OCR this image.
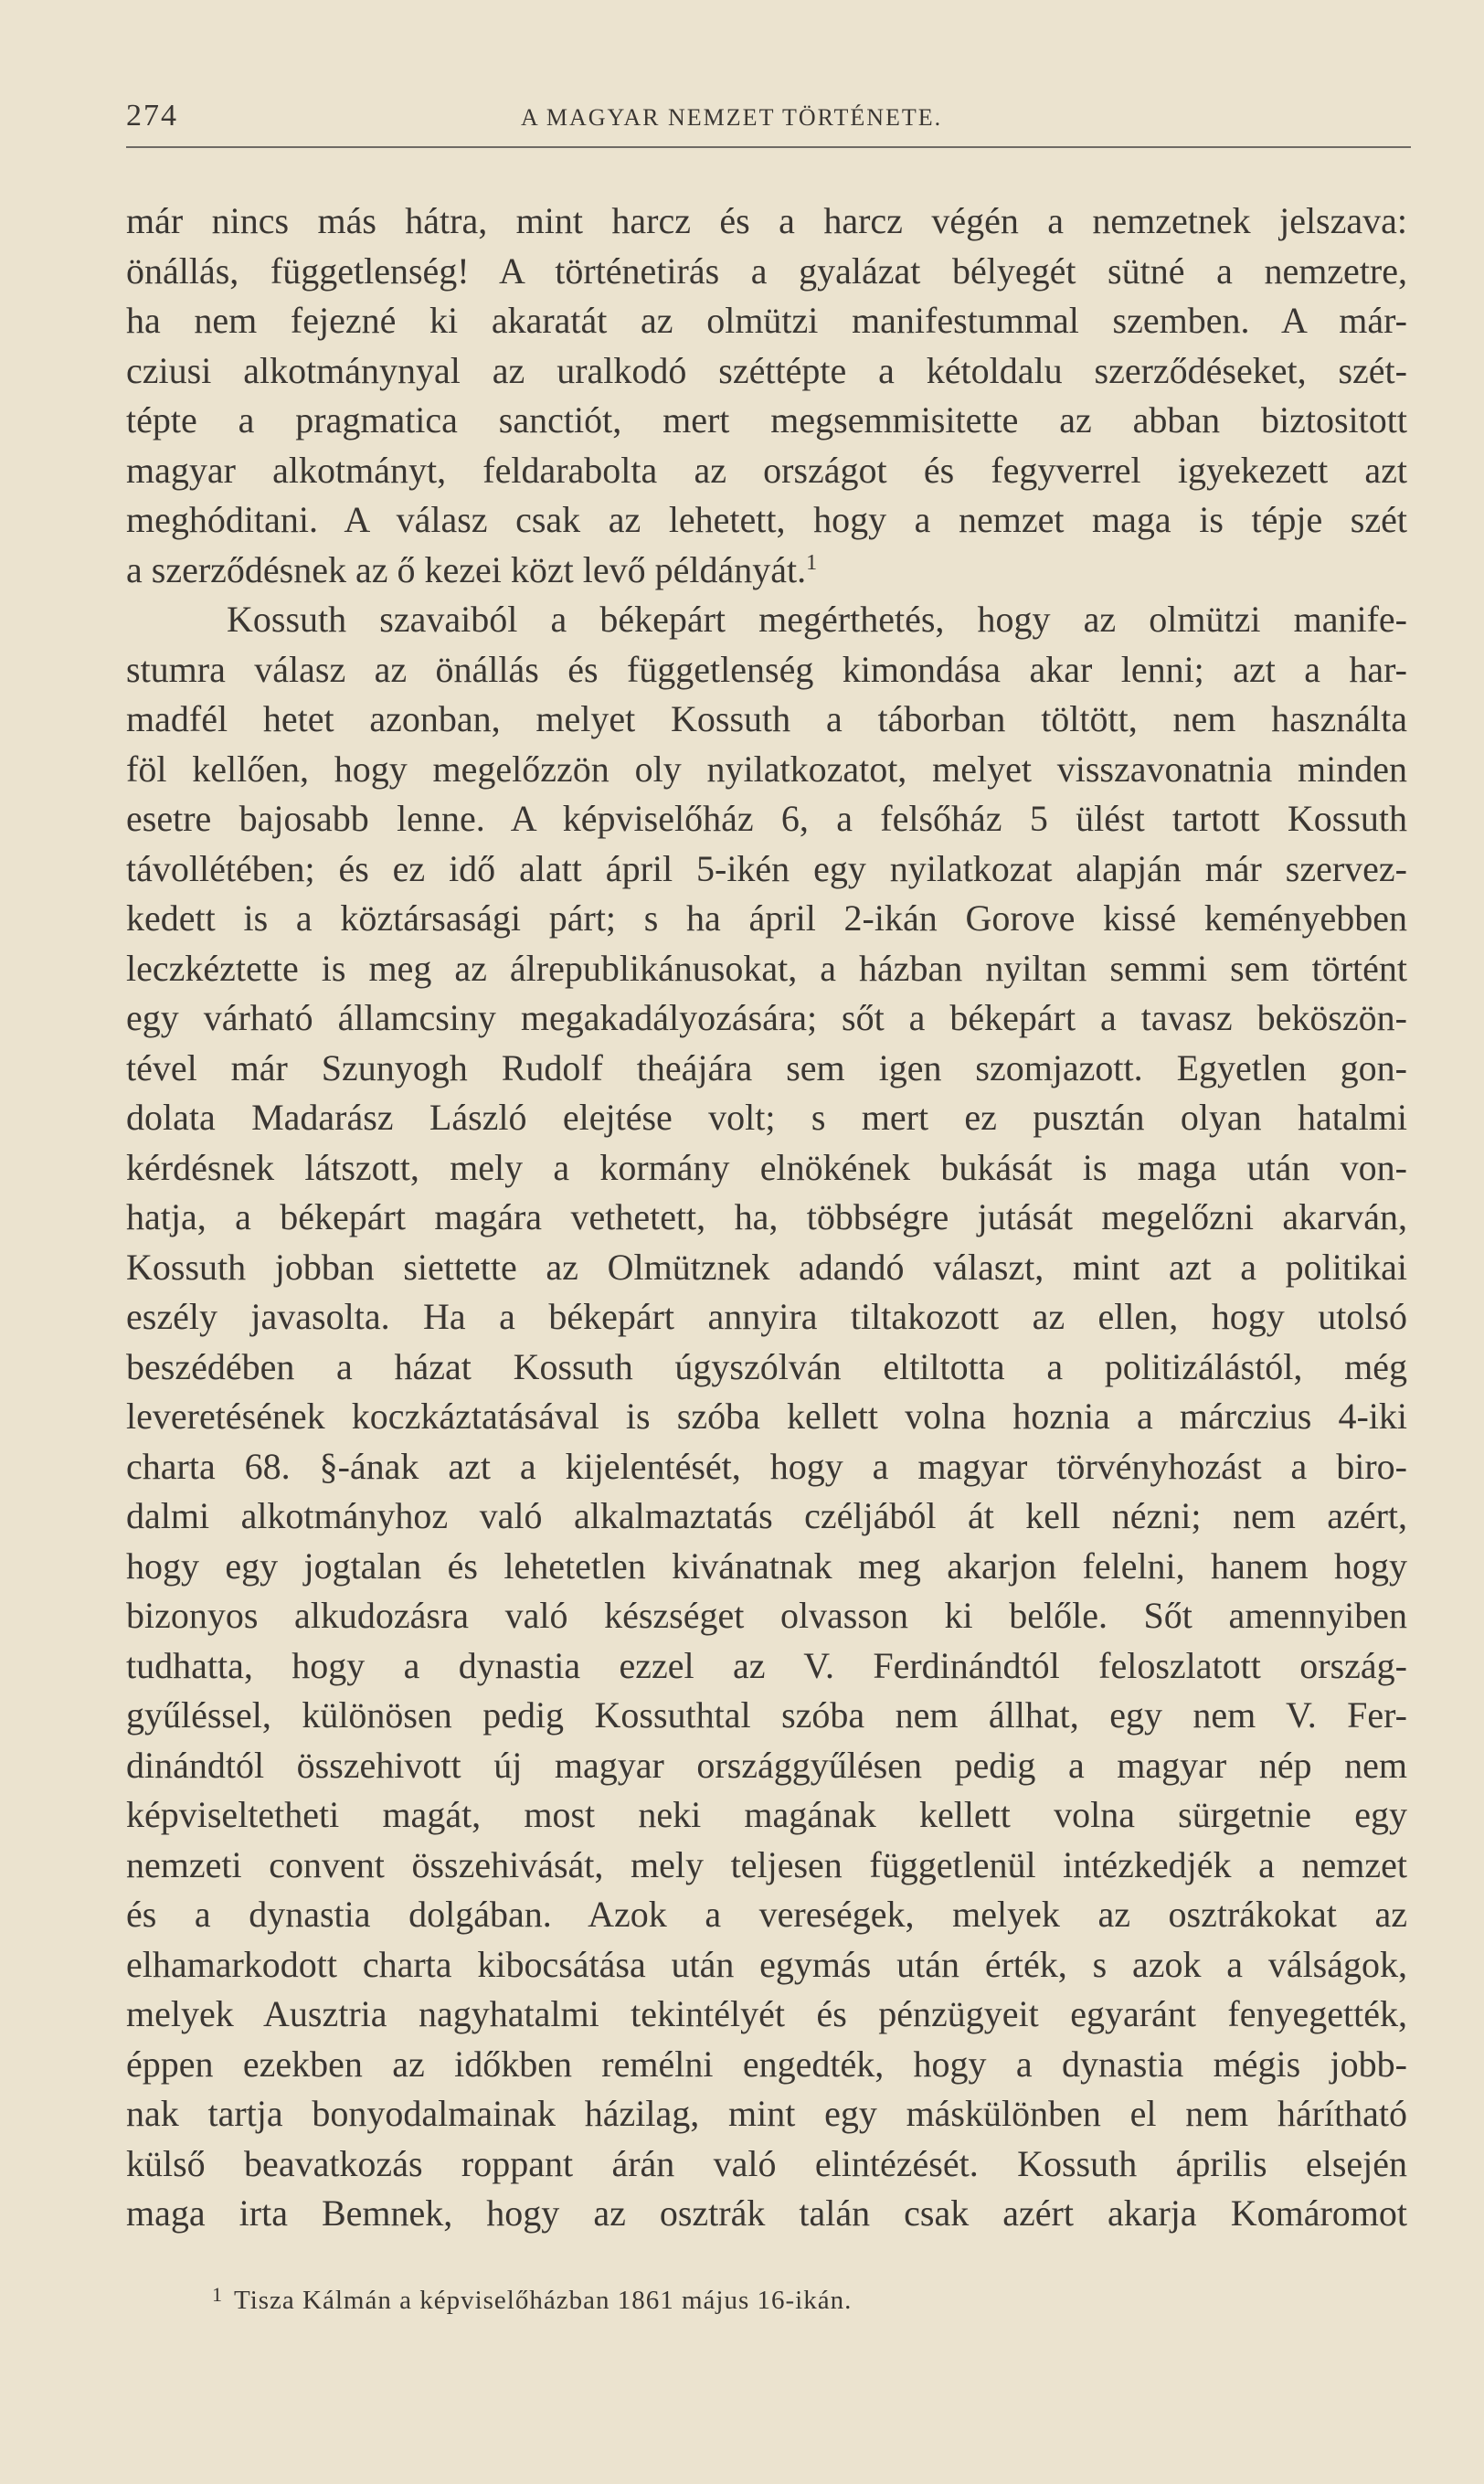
274	A MAGYAR NEMZET TÖRTÉNETE.
már nincs más hátra, mint harcz és a harcz végén a nemzetnek jelszava:
önállás, függetlenség! A történetirás a gyalázat bélyegét sütné a nemzetre,
ha nem fejezné ki akaratát az olmützi manifestummal szemben. A már-
cziusi alkotmánynyal az uralkodó széttépte a kétoldalu szerződéseket, szét-
tépte a pragmatica sanctiót, mert megsemmisitette az abban biztositott
magyar alkotmányt, feldarabolta az országot és fegyverrel igyekezett azt
meghóditani. A válasz csak az lehetett, hogy a nemzet maga is tépje szét
a szerződésnek az ő kezei közt levő példányát.$^1$
Kossuth szavaiból a békepárt megérthetés, hogy az olmützi manife-
stumra válasz az önállás és függetlenség kimondása akar lenni; azt a har-
madfél hetet azonban, melyet Kossuth a táborban töltött, nem használta
föl kellően, hogy megelőzzön oly nyilatkozatot, melyet visszavonatnia minden
esetre bajosabb lenne. A képviselőház 6, a felsőház 5 ülést tartott Kossuth
távollétében; és ez idő alatt ápril 5-ikén egy nyilatkozat alapján már szervez-
kedett is a köztársasági párt; s ha ápril 2-ikán Gorove kissé keményebben
leczkéztette is meg az álrepublikánusokat, a házban nyiltan semmi sem történt
egy várható államcsiny megakadályozására; sőt a békepárt a tavasz beköszön-
tével már Szunyogh Rudolf theájára sem igen szomjazott. Egyetlen gon-
dolata Madarász László elejtése volt; s mert ez pusztán olyan hatalmi
kérdésnek látszott, mely a kormány elnökének bukását is maga után von-
hatja, a békepárt magára vethetett, ha, többségre jutását megelőzni akarván,
Kossuth jobban siettette az Olmütznek adandó választ, mint azt a politikai
eszély javasolta. Ha a békepárt annyira tiltakozott az ellen, hogy utolsó
beszédében a házat Kossuth úgyszólván eltiltotta a politizálástól, még
leveretésének koczkáztatásával is szóba kellett volna hoznia a márczius 4-iki
charta 68. §-ának azt a kijelentését, hogy a magyar törvényhozást a biro-
dalmi alkotmányhoz való alkalmaztatás czéljából át kell nézni; nem azért,
hogy egy jogtalan és lehetetlen kivánatnak meg akarjon felelni, hanem hogy
bizonyos alkudozásra való készséget olvasson ki belőle. Sőt amennyiben
tudhatta, hogy a dynastia ezzel az V. Ferdinándtól feloszlatott ország-
gyűléssel, különösen pedig Kossuthtal szóba nem állhat, egy nem V. Fer-
dinándtól összehivott új magyar országgyűlésen pedig a magyar nép nem
képviseltetheti magát, most neki magának kellett volna sürgetnie egy
nemzeti convent összehivását, mely teljesen függetlenül intézkedjék a nemzet
és a dynastia dolgában. Azok a vereségek, melyek az osztrákokat az
elhamarkodott charta kibocsátása után egymás után érték, s azok a válságok,
melyek Ausztria nagyhatalmi tekintélyét és pénzügyeit egyaránt fenyegették,
éppen ezekben az időkben remélni engedték, hogy a dynastia mégis jobb-
nak tartja bonyodalmainak házilag, mint egy máskülönben el nem hárítható
külső beavatkozás roppant árán való elintézését. Kossuth április elsején
maga irta Bemnek, hogy az osztrák talán csak azért akarja Komáromot
$^1$ Tisza Kálmán a képviselőházban 1861 május 16-ikán.
